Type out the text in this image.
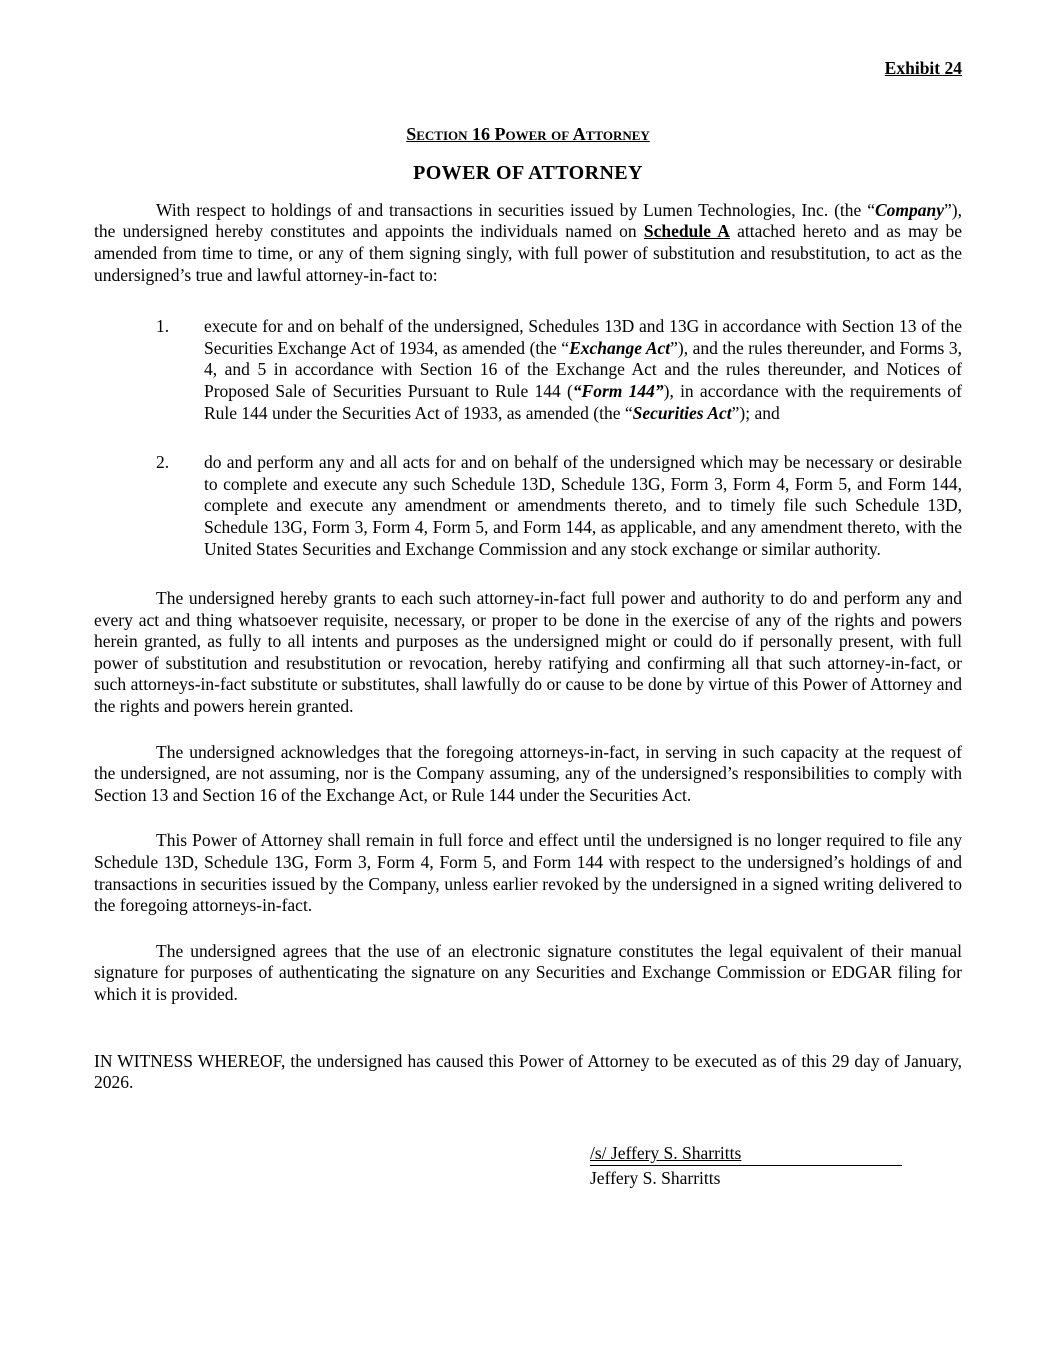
Exhibit 24
Section 16 Power of Attorney
POWER OF ATTORNEY

With respect to holdings of and transactions in securities issued by Lumen Technologies, Inc. (the “Company”), the undersigned hereby constitutes and appoints the individuals named on Schedule A attached hereto and as may be amended from time to time, or any of them signing singly, with full power of substitution and resubstitution, to act as the undersigned’s true and lawful attorney-in-fact to:

1.	execute for and on behalf of the undersigned, Schedules 13D and 13G in accordance with Section 13 of the Securities Exchange Act of 1934, as amended (the “Exchange Act”), and the rules thereunder, and Forms 3, 4, and 5 in accordance with Section 16 of the Exchange Act and the rules thereunder, and Notices of Proposed Sale of Securities Pursuant to Rule 144 (“Form 144”), in accordance with the requirements of Rule 144 under the Securities Act of 1933, as amended (the “Securities Act”); and
2.	do and perform any and all acts for and on behalf of the undersigned which may be necessary or desirable to complete and execute any such Schedule 13D, Schedule 13G, Form 3, Form 4, Form 5, and Form 144, complete and execute any amendment or amendments thereto, and to timely file such Schedule 13D, Schedule 13G, Form 3, Form 4, Form 5, and Form 144, as applicable, and any amendment thereto, with the United States Securities and Exchange Commission and any stock exchange or similar authority.

The undersigned hereby grants to each such attorney-in-fact full power and authority to do and perform any and every act and thing whatsoever requisite, necessary, or proper to be done in the exercise of any of the rights and powers herein granted, as fully to all intents and purposes as the undersigned might or could do if personally present, with full power of substitution and resubstitution or revocation, hereby ratifying and confirming all that such attorney-in-fact, or such attorneys-in-fact substitute or substitutes, shall lawfully do or cause to be done by virtue of this Power of Attorney and the rights and powers herein granted.

The undersigned acknowledges that the foregoing attorneys-in-fact, in serving in such capacity at the request of the undersigned, are not assuming, nor is the Company assuming, any of the undersigned’s responsibilities to comply with Section 13 and Section 16 of the Exchange Act, or Rule 144 under the Securities Act.

This Power of Attorney shall remain in full force and effect until the undersigned is no longer required to file any Schedule 13D, Schedule 13G, Form 3, Form 4, Form 5, and Form 144 with respect to the undersigned’s holdings of and transactions in securities issued by the Company, unless earlier revoked by the undersigned in a signed writing delivered to the foregoing attorneys-in-fact.

The undersigned agrees that the use of an electronic signature constitutes the legal equivalent of their manual signature for purposes of authenticating the signature on any Securities and Exchange Commission or EDGAR filing for which it is provided.

IN WITNESS WHEREOF, the undersigned has caused this Power of Attorney to be executed as of this 29 day of January, 2026.

/s/ Jeffery S. Sharritts
Jeffery S. Sharritts
